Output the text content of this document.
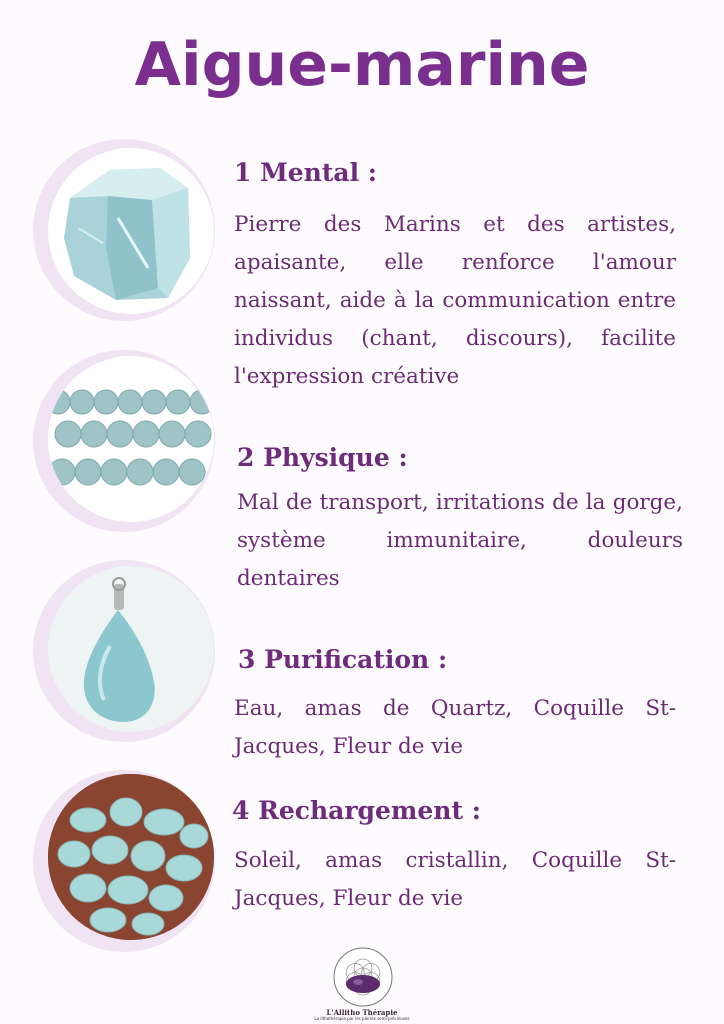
Aigue-marine
1 Mental :
Pierre des Marins et des artistes, apaisante, elle renforce l'amour naissant, aide à la communication entre individus (chant, discours), facilite l'expression créative
2 Physique :
Mal de transport, irritations de la gorge, système immunitaire, douleurs dentaires
3 Purification :
Eau, amas de Quartz, Coquille St-Jacques, Fleur de vie
4 Rechargement :
Soleil, amas cristallin, Coquille St-Jacques, Fleur de vie
L'Allitho Thérapie
La lithothérapie par les pierres semi-précieuses
